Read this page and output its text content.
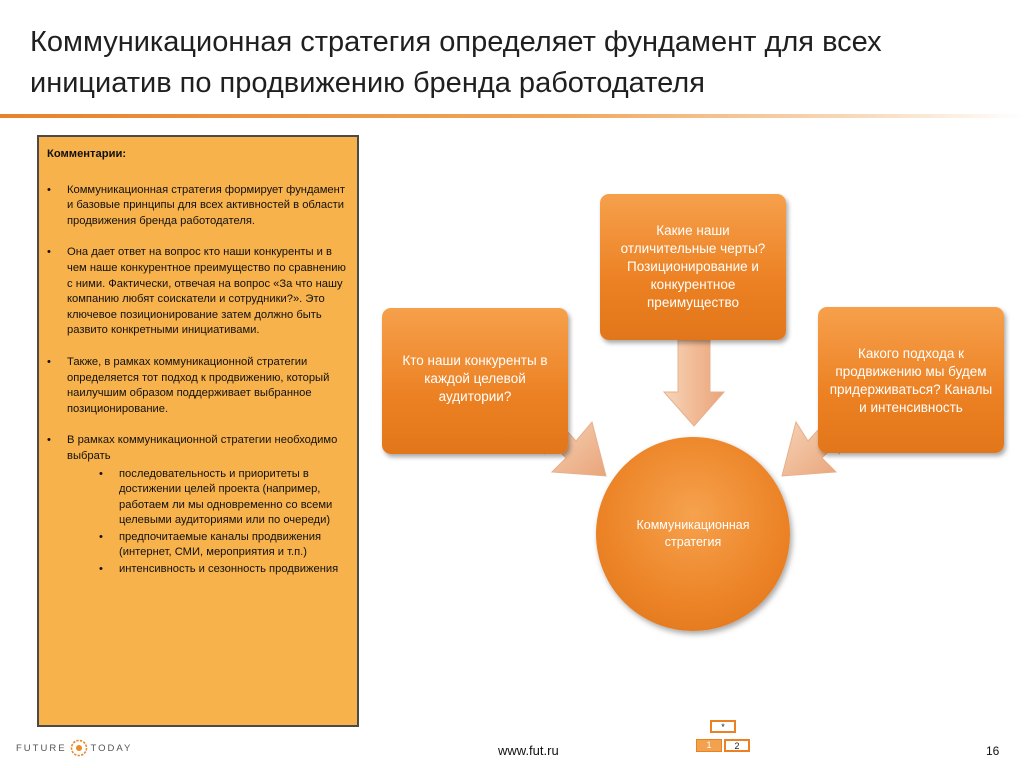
Коммуникационная стратегия определяет фундамент для всех инициатив по продвижению бренда работодателя
Комментарии:
• Коммуникационная стратегия формирует фундамент и базовые принципы для всех активностей в области продвижения бренда работодателя.
• Она дает ответ на вопрос кто наши конкуренты и в чем наше конкурентное преимущество по сравнению с ними. Фактически, отвечая на вопрос «За что нашу компанию любят соискатели и сотрудники?». Это ключевое позиционирование затем должно быть развито конкретными инициативами.
• Также, в рамках коммуникационной стратегии определяется тот подход к продвижению, который наилучшим образом поддерживает выбранное позиционирование.
• В рамках коммуникационной стратегии необходимо выбрать
• последовательность и приоритеты в достижении целей проекта (например, работаем ли мы одновременно со всеми целевыми аудиториями или по очереди)
• предпочитаемые каналы продвижения (интернет, СМИ, мероприятия и т.п.)
• интенсивность и сезонность продвижения
Какие наши отличительные черты? Позиционирование и конкурентное преимущество
Кто наши конкуренты в каждой целевой аудитории?
Какого подхода к продвижению мы будем придерживаться? Каналы и интенсивность
Коммуникационная стратегия
FUTURE	TODAY	www.fut.ru
*
1	2	16
